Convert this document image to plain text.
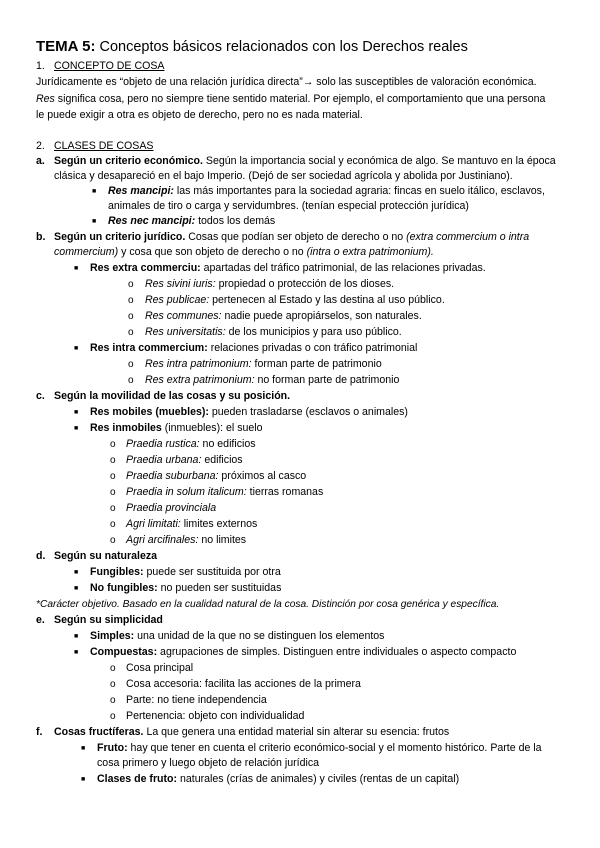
TEMA 5: Conceptos básicos relacionados con los Derechos reales
1. CONCEPTO DE COSA
Jurídicamente es “objeto de una relación jurídica directa”→ solo las susceptibles de valoración económica.
Res significa cosa, pero no siempre tiene sentido material. Por ejemplo, el comportamiento que una persona
le puede exigir a otra es objeto de derecho, pero no es nada material.
2. CLASES DE COSAS
a. Según un criterio económico. Según la importancia social y económica de algo. Se mantuvo en la época
clásica y desapareció en el bajo Imperio. (Dejó de ser sociedad agrícola y abolida por Justiniano).
■ Res mancipi: las más importantes para la sociedad agraria: fincas en suelo itálico, esclavos,
animales de tiro o carga y servidumbres. (tenían especial protección jurídica)
■ Res nec mancipi: todos los demás
b. Según un criterio jurídico. Cosas que podían ser objeto de derecho o no (extra commercium o intra
commercium) y cosa que son objeto de derecho o no (intra o extra patrimonium).
■ Res extra commerciu: apartadas del tráfico patrimonial, de las relaciones privadas.
o Res sivini iuris: propiedad o protección de los dioses.
o Res publicae: pertenecen al Estado y las destina al uso público.
o Res communes: nadie puede apropiárselos, son naturales.
o Res universitatis: de los municipios y para uso público.
■ Res intra commercium: relaciones privadas o con tráfico patrimonial
o Res intra patrimonium: forman parte de patrimonio
o Res extra patrimonium: no forman parte de patrimonio
c. Según la movilidad de las cosas y su posición.
■ Res mobiles (muebles): pueden trasladarse (esclavos o animales)
■ Res inmobiles (inmuebles): el suelo
o Praedia rustica: no edificios
o Praedia urbana: edificios
o Praedia suburbana: próximos al casco
o Praedia in solum italicum: tierras romanas
o Praedia provinciala
o Agri limitati: limites externos
o Agri arcifinales: no limites
d. Según su naturaleza
■ Fungibles: puede ser sustituida por otra
■ No fungibles: no pueden ser sustituidas
*Carácter objetivo. Basado en la cualidad natural de la cosa. Distinción por cosa genérica y específica.
e. Según su simplicidad
■ Simples: una unidad de la que no se distinguen los elementos
■ Compuestas: agrupaciones de simples. Distinguen entre individuales o aspecto compacto
o Cosa principal
o Cosa accesoria: facilita las acciones de la primera
o Parte: no tiene independencia
o Pertenencia: objeto con individualidad
f. Cosas fructíferas. La que genera una entidad material sin alterar su esencia: frutos
■ Fruto: hay que tener en cuenta el criterio económico-social y el momento histórico. Parte de la
cosa primero y luego objeto de relación jurídica
■ Clases de fruto: naturales (crías de animales) y civiles (rentas de un capital)
